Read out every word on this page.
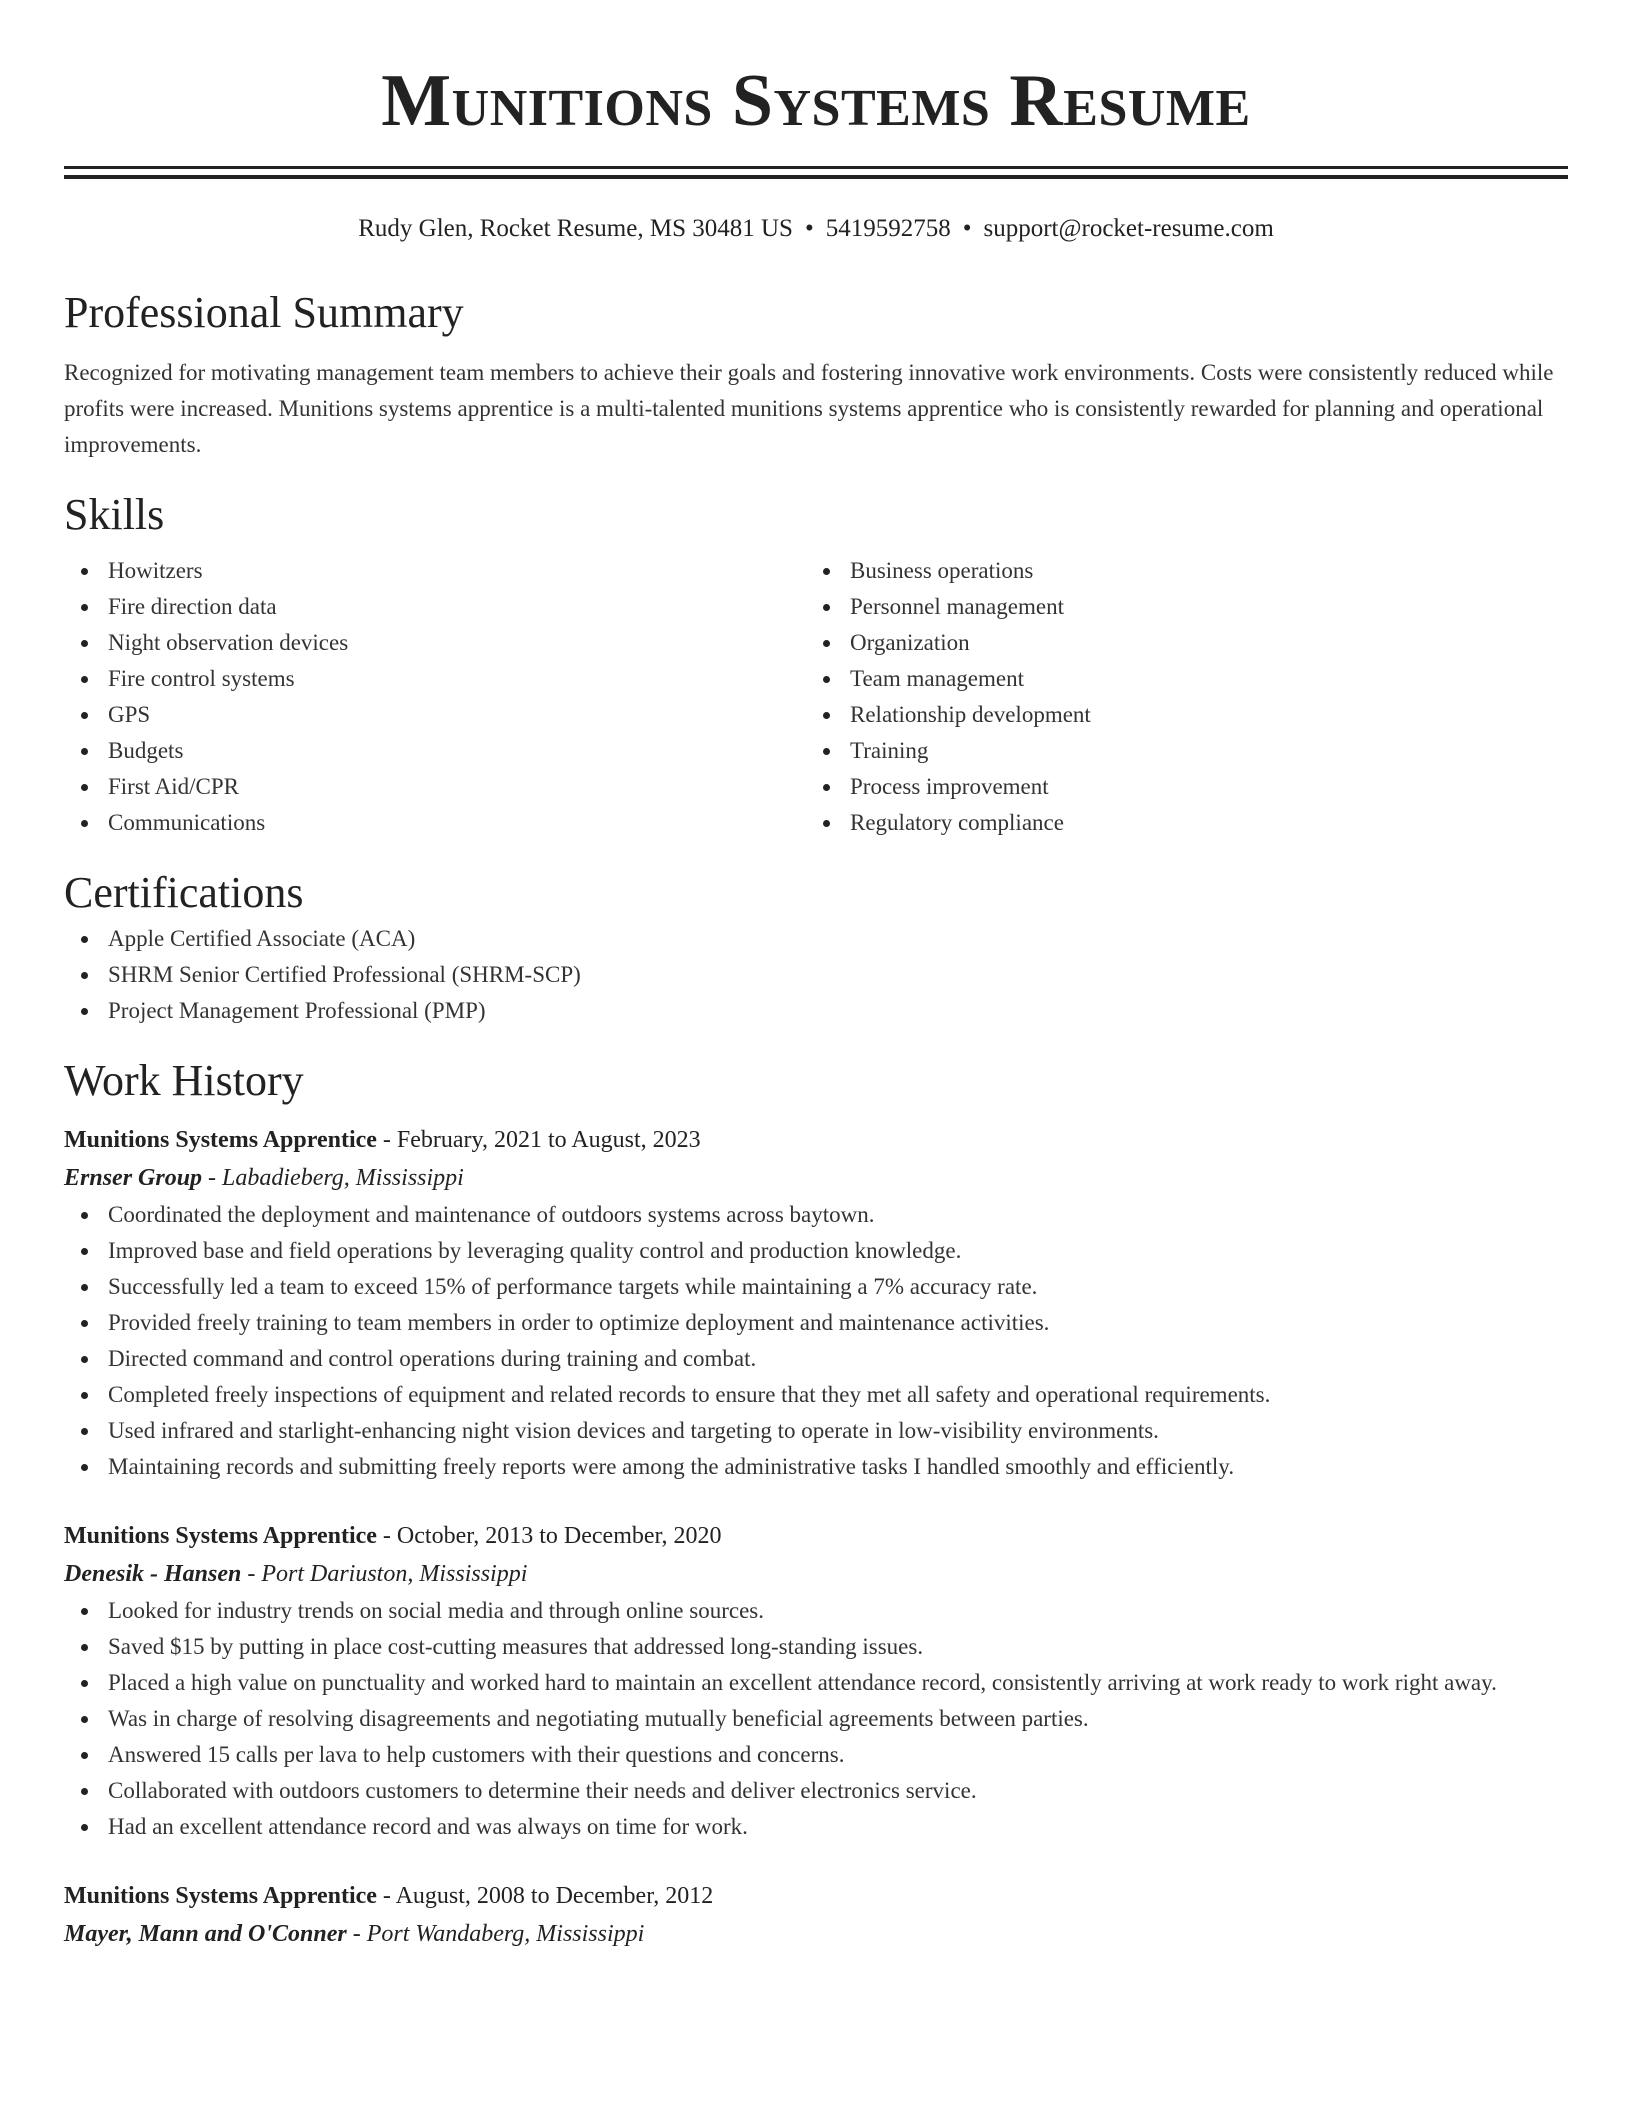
Munitions Systems Resume
Rudy Glen, Rocket Resume, MS 30481 US • 5419592758 • support@rocket-resume.com
Professional Summary
Recognized for motivating management team members to achieve their goals and fostering innovative work environments. Costs were consistently reduced while profits were increased. Munitions systems apprentice is a multi-talented munitions systems apprentice who is consistently rewarded for planning and operational improvements.
Skills
Howitzers
Fire direction data
Night observation devices
Fire control systems
GPS
Budgets
First Aid/CPR
Communications
Business operations
Personnel management
Organization
Team management
Relationship development
Training
Process improvement
Regulatory compliance
Certifications
Apple Certified Associate (ACA)
SHRM Senior Certified Professional (SHRM-SCP)
Project Management Professional (PMP)
Work History
Munitions Systems Apprentice - February, 2021 to August, 2023
Ernser Group - Labadieberg, Mississippi
Coordinated the deployment and maintenance of outdoors systems across baytown.
Improved base and field operations by leveraging quality control and production knowledge.
Successfully led a team to exceed 15% of performance targets while maintaining a 7% accuracy rate.
Provided freely training to team members in order to optimize deployment and maintenance activities.
Directed command and control operations during training and combat.
Completed freely inspections of equipment and related records to ensure that they met all safety and operational requirements.
Used infrared and starlight-enhancing night vision devices and targeting to operate in low-visibility environments.
Maintaining records and submitting freely reports were among the administrative tasks I handled smoothly and efficiently.
Munitions Systems Apprentice - October, 2013 to December, 2020
Denesik - Hansen - Port Dariuston, Mississippi
Looked for industry trends on social media and through online sources.
Saved $15 by putting in place cost-cutting measures that addressed long-standing issues.
Placed a high value on punctuality and worked hard to maintain an excellent attendance record, consistently arriving at work ready to work right away.
Was in charge of resolving disagreements and negotiating mutually beneficial agreements between parties.
Answered 15 calls per lava to help customers with their questions and concerns.
Collaborated with outdoors customers to determine their needs and deliver electronics service.
Had an excellent attendance record and was always on time for work.
Munitions Systems Apprentice - August, 2008 to December, 2012
Mayer, Mann and O'Conner - Port Wandaberg, Mississippi
